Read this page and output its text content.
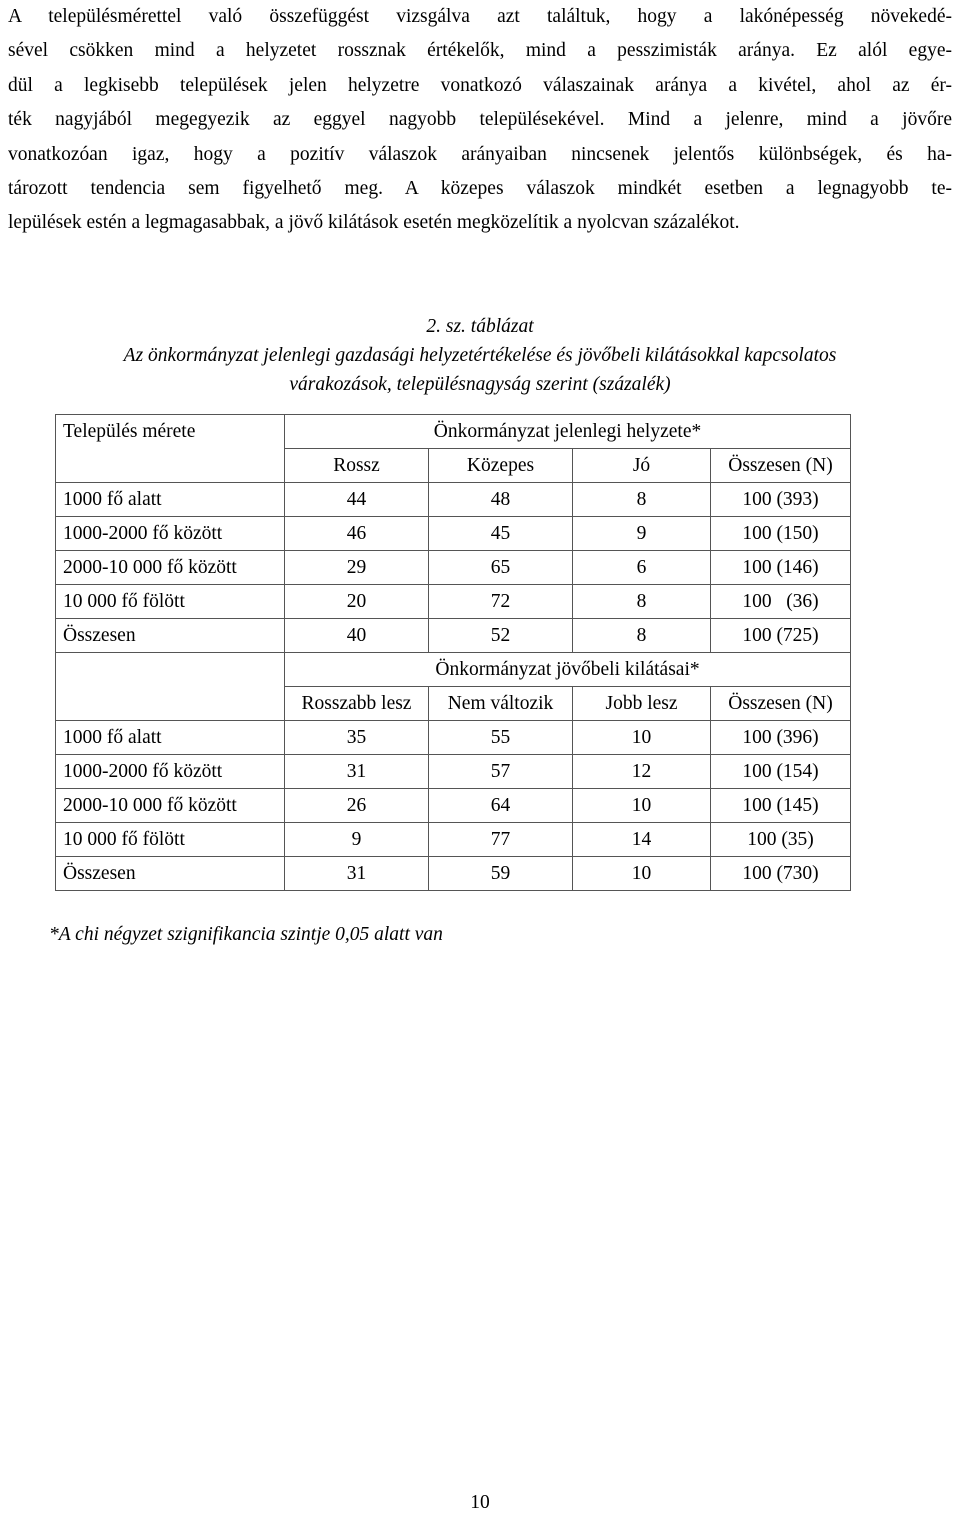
A településmérettel való összefüggést vizsgálva azt találtuk, hogy a lakónépesség növekedé-
sével csökken mind a helyzetet rossznak értékelők, mind a pesszimisták aránya. Ez alól egye-
dül a legkisebb települések jelen helyzetre vonatkozó válaszainak aránya a kivétel, ahol az ér-
ték nagyjából megegyezik az eggyel nagyobb településekével. Mind a jelenre, mind a jövőre
vonatkozóan igaz, hogy a pozitív válaszok arányaiban nincsenek jelentős különbségek, és ha-
tározott tendencia sem figyelhető meg. A közepes válaszok mindkét esetben a legnagyobb te-
lepülések estén a legmagasabbak, a jövő kilátások esetén megközelítik a nyolcvan százalékot.
2. sz. táblázat
Az önkormányzat jelenlegi gazdasági helyzetértékelése és jövőbeli kilátásokkal kapcsolatos
várakozások, településnagyság szerint (százalék)
Település mérete	Önkormányzat jelenlegi helyzete*			
	Rossz	Közepes	Jó	Összesen (N)
1000 fő alatt	44	48	8	100 (393)
1000-2000 fő között	46	45	9	100 (150)
2000-10 000 fő között	29	65	6	100 (146)
10 000 fő fölött	20	72	8	100   (36)
Összesen	40	52	8	100 (725)
	Önkormányzat jövőbeli kilátásai*			
	Rosszabb lesz	Nem változik	Jobb lesz	Összesen (N)
1000 fő alatt	35	55	10	100 (396)
1000-2000 fő között	31	57	12	100 (154)
2000-10 000 fő között	26	64	10	100 (145)
10 000 fő fölött	9	77	14	100 (35)
Összesen	31	59	10	100 (730)
*A chi négyzet szignifikancia szintje 0,05 alatt van
10
